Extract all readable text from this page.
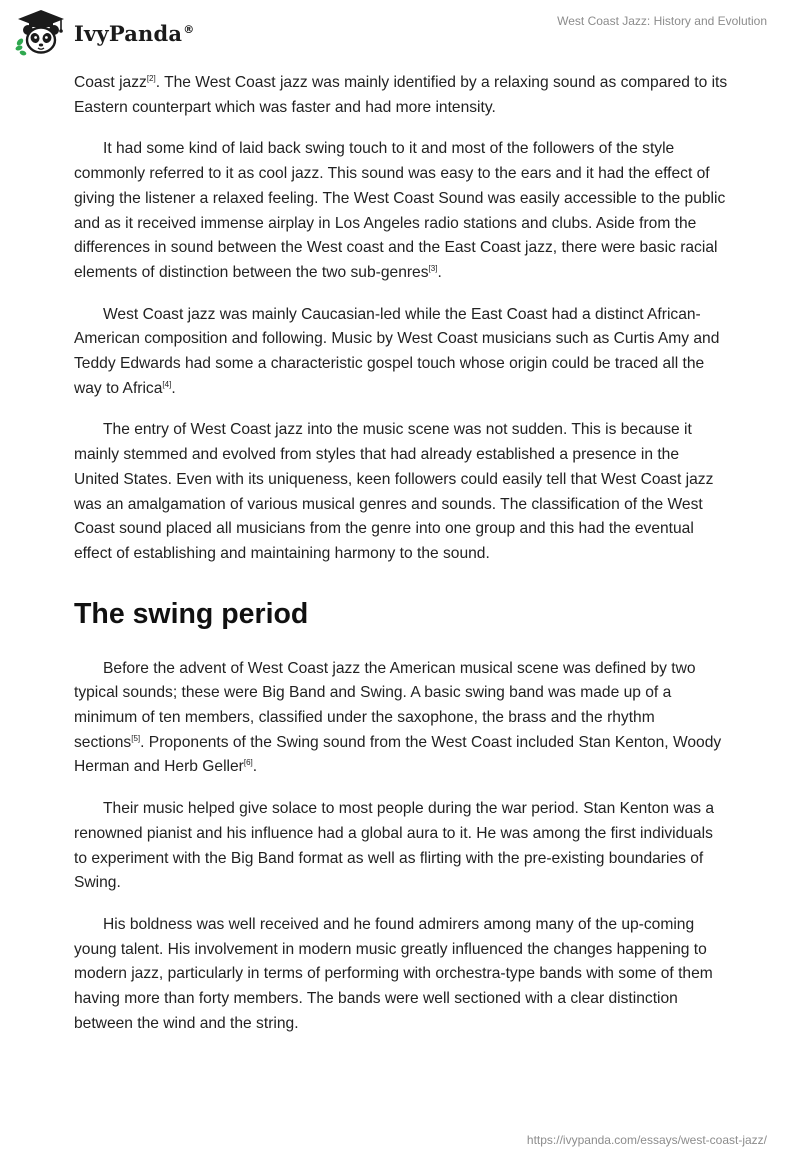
IvyPanda®
West Coast Jazz: History and Evolution

Coast jazz[2]. The West Coast jazz was mainly identified by a relaxing sound as compared to its Eastern counterpart which was faster and had more intensity.

It had some kind of laid back swing touch to it and most of the followers of the style commonly referred to it as cool jazz. This sound was easy to the ears and it had the effect of giving the listener a relaxed feeling. The West Coast Sound was easily accessible to the public and as it received immense airplay in Los Angeles radio stations and clubs. Aside from the differences in sound between the West coast and the East Coast jazz, there were basic racial elements of distinction between the two sub-genres[3].

West Coast jazz was mainly Caucasian-led while the East Coast had a distinct African-American composition and following. Music by West Coast musicians such as Curtis Amy and Teddy Edwards had some a characteristic gospel touch whose origin could be traced all the way to Africa[4].

The entry of West Coast jazz into the music scene was not sudden. This is because it mainly stemmed and evolved from styles that had already established a presence in the United States. Even with its uniqueness, keen followers could easily tell that West Coast jazz was an amalgamation of various musical genres and sounds. The classification of the West Coast sound placed all musicians from the genre into one group and this had the eventual effect of establishing and maintaining harmony to the sound.

The swing period

Before the advent of West Coast jazz the American musical scene was defined by two typical sounds; these were Big Band and Swing. A basic swing band was made up of a minimum of ten members, classified under the saxophone, the brass and the rhythm sections[5]. Proponents of the Swing sound from the West Coast included Stan Kenton, Woody Herman and Herb Geller[6].

Their music helped give solace to most people during the war period. Stan Kenton was a renowned pianist and his influence had a global aura to it. He was among the first individuals to experiment with the Big Band format as well as flirting with the pre-existing boundaries of Swing.

His boldness was well received and he found admirers among many of the up-coming young talent. His involvement in modern music greatly influenced the changes happening to modern jazz, particularly in terms of performing with orchestra-type bands with some of them having more than forty members. The bands were well sectioned with a clear distinction between the wind and the string.

https://ivypanda.com/essays/west-coast-jazz/
